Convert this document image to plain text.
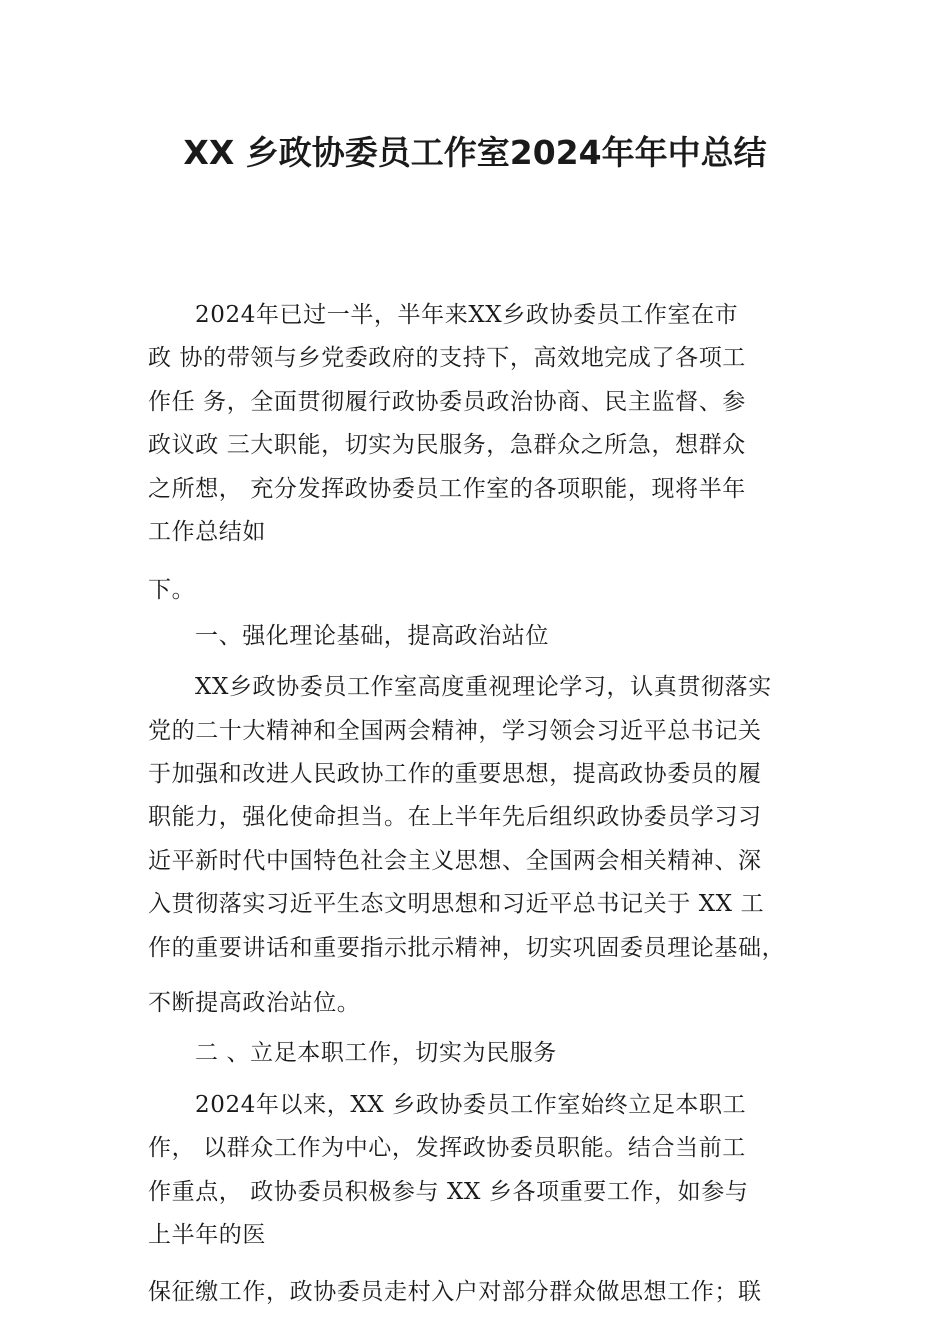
XX 乡政协委员工作室2024年年中总结
2024年已过一半，半年来XX乡政协委员工作室在市
政 协的带领与乡党委政府的支持下，高效地完成了各项工
作任 务，全面贯彻履行政协委员政治协商、民主监督、参
政议政 三大职能，切实为民服务，急群众之所急，想群众
之所想， 充分发挥政协委员工作室的各项职能，现将半年
工作总结如
下。
一、强化理论基础，提高政治站位
XX乡政协委员工作室高度重视理论学习，认真贯彻落实
党的二十大精神和全国两会精神，学习领会习近平总书记关
于加强和改进人民政协工作的重要思想，提高政协委员的履
职能力，强化使命担当。在上半年先后组织政协委员学习习
近平新时代中国特色社会主义思想、全国两会相关精神、深
入贯彻落实习近平生态文明思想和习近平总书记关于 XX 工
作的重要讲话和重要指示批示精神，切实巩固委员理论基础，
不断提高政治站位。
二 、立足本职工作，切实为民服务
2024年以来，XX 乡政协委员工作室始终立足本职工
作， 以群众工作为中心，发挥政协委员职能。结合当前工
作重点， 政协委员积极参与 XX 乡各项重要工作，如参与
上半年的医
保征缴工作，政协委员走村入户对部分群众做思想工作；联
